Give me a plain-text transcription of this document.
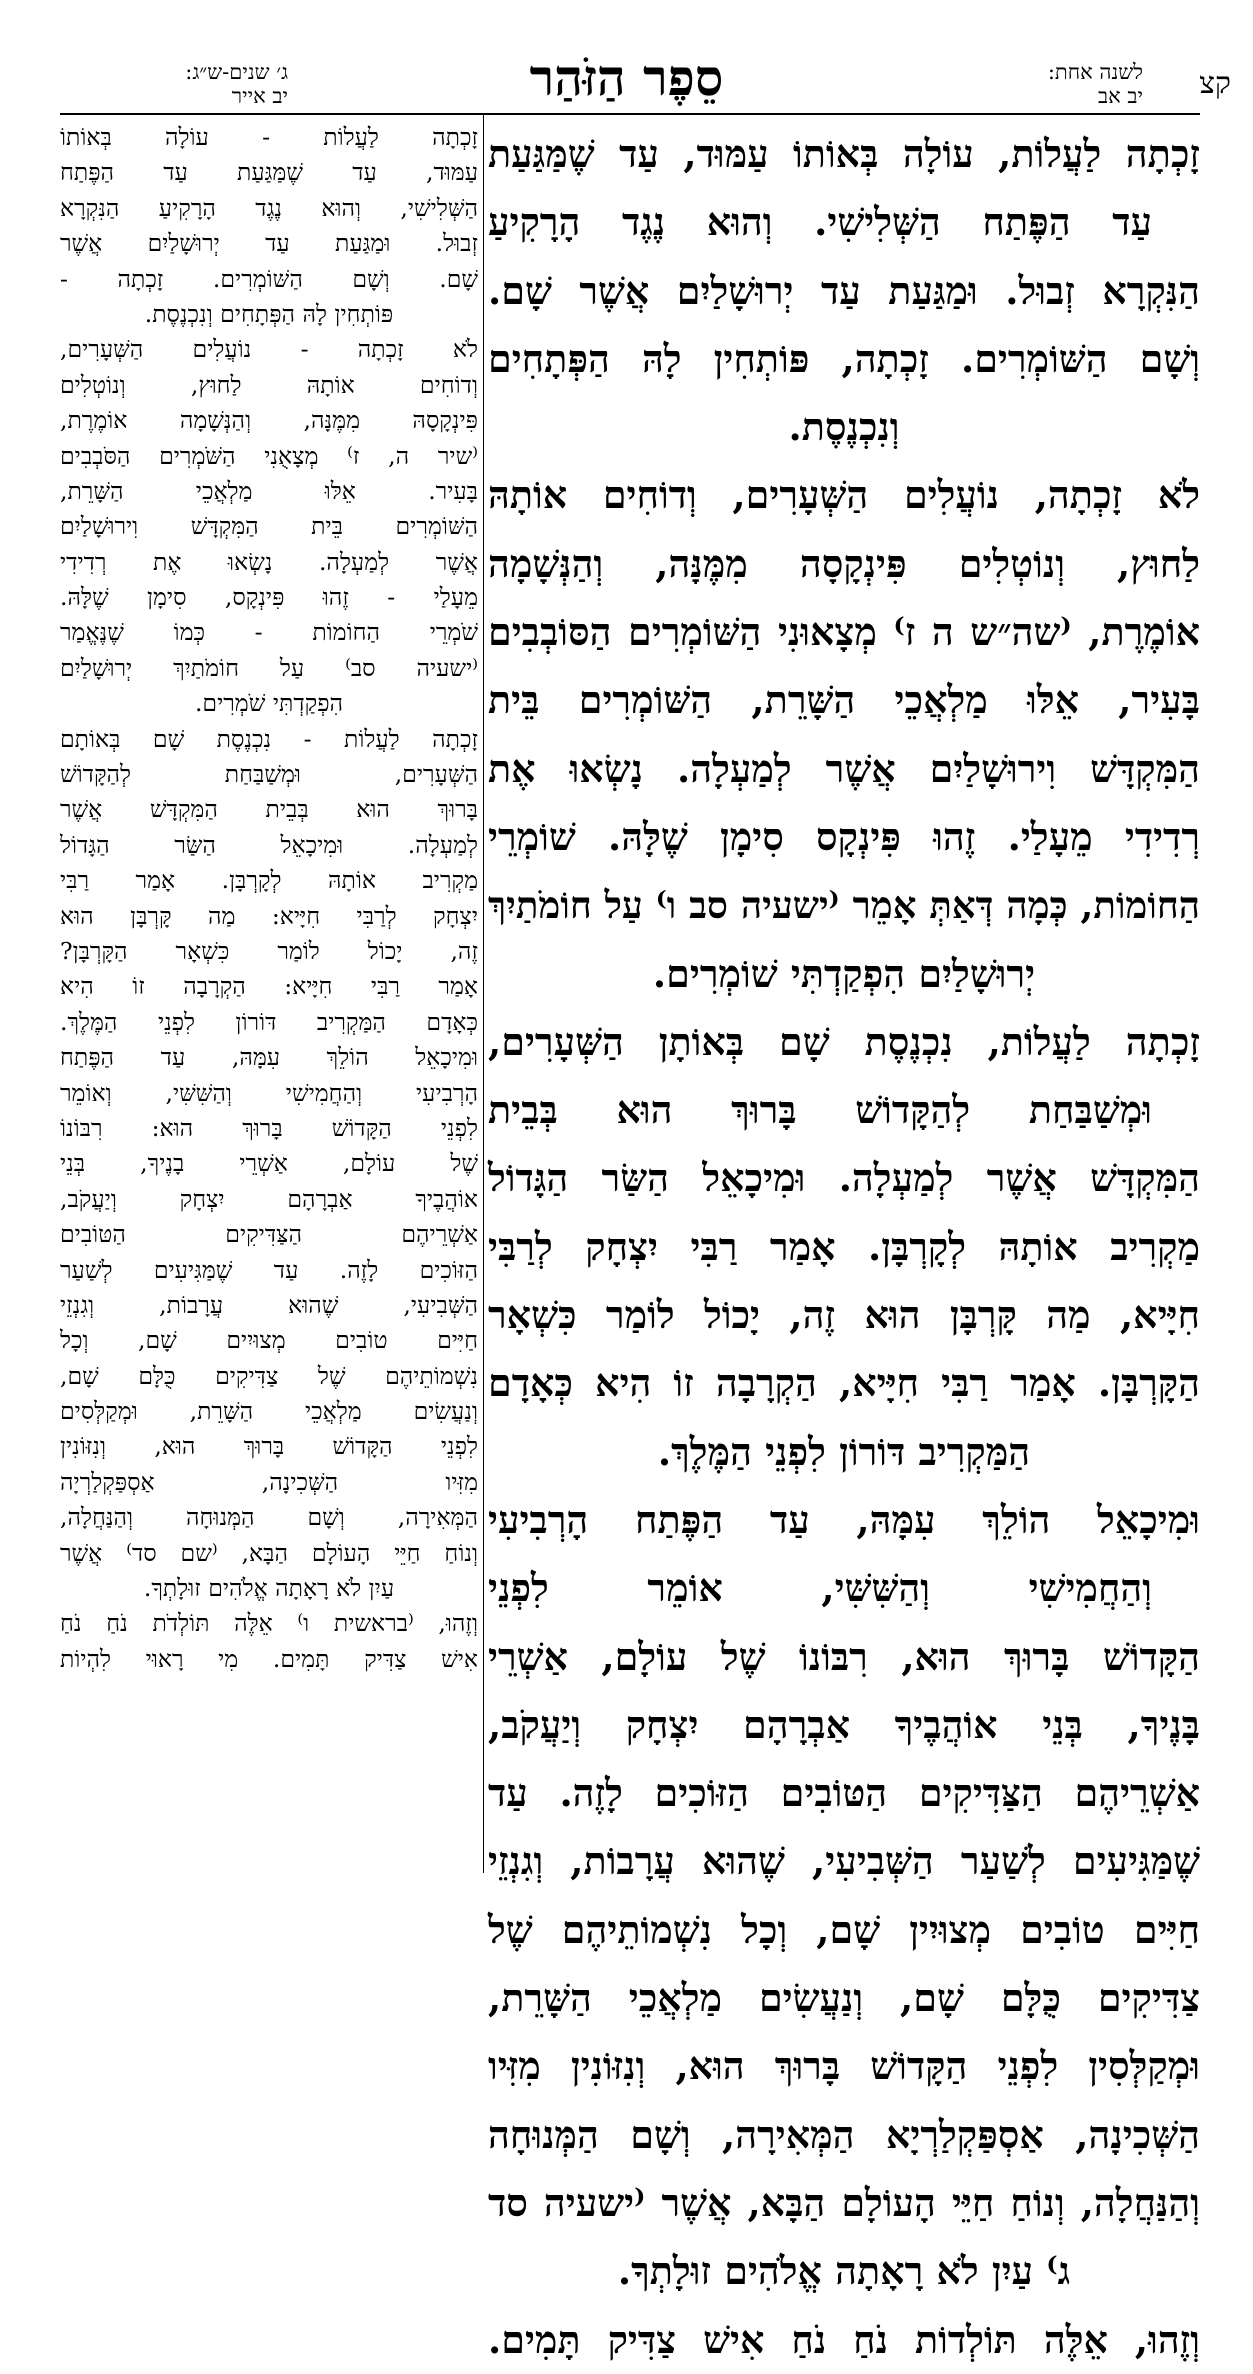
סֵפֶר הַזֹּהַר	קצ
לשנה אחת:
יב אב
ג׳ שנים-ש״ג:
יב אייר
זָכְתָה לַעֲלוֹת, עוֹלָה בְּאוֹתוֹ עַמּוּד, עַד שֶׁמַּגַּעַת
עַד הַפֶּתַח הַשְּׁלִישִׁי. וְהוּא נֶגֶד הָרָקִיעַ
הַנִּקְרָא זְבוּל. וּמַגַּעַת עַד יְרוּשָׁלַיִם אֲשֶׁר שָׁם.
וְשָׁם הַשּׁוֹמְרִים. זָכְתָה, פּוֹתְחִין לָהּ הַפְּתָחִים
וְנִכְנֶסֶת.
לֹא זָכְתָה, נוֹעֲלִים הַשְּׁעָרִים, וְדוֹחִים אוֹתָהּ
לַחוּץ, וְנוֹטְלִים פִּינְקָסָה מִמֶּנָּה, וְהַנְּשָׁמָה
אוֹמֶרֶת, ⁽שה״ש ה ז⁾ מְצָאוּנִי הַשּׁוֹמְרִים הַסּוֹבְבִים
בָּעִיר, אֵלּוּ מַלְאֲכֵי הַשָּׁרֵת, הַשּׁוֹמְרִים בֵּית
הַמִּקְדָּשׁ וִירוּשָׁלַיִם אֲשֶׁר לְמַעְלָה. נָשְׂאוּ אֶת
רְדִידִי מֵעָלַי. זֶהוּ פִּינְקָס סִימָן שֶׁלָּהּ. שׁוֹמְרֵי
הַחוֹמוֹת, כְּמָה דְּאַתְּ אָמֵר ⁽ישעיה סב ו⁾ עַל חוֹמֹתַיִךְ
יְרוּשָׁלַיִם הִפְקַדְתִּי שׁוֹמְרִים.
זָכְתָה לַעֲלוֹת, נִכְנֶסֶת שָׁם בְּאוֹתָן הַשְּׁעָרִים,
וּמְשַׁבַּחַת לְהַקָּדוֹשׁ בָּרוּךְ הוּא בְּבֵית
הַמִּקְדָּשׁ אֲשֶׁר לְמַעְלָה. וּמִיכָאֵל הַשַּׂר הַגָּדוֹל
מַקְרִיב אוֹתָהּ לְקָרְבָּן. אָמַר רַבִּי יִצְחָק לְרַבִּי
חִיָּיא, מַה קָּרְבָּן הוּא זֶה, יָכוֹל לוֹמַר כִּשְׁאָר
הַקָּרְבָּן. אָמַר רַבִּי חִיָּיא, הַקְרָבָה זוֹ הִיא כְּאָדָם
הַמַּקְרִיב דּוֹרוֹן לִפְנֵי הַמֶּלֶךְ.
וּמִיכָאֵל הוֹלֵךְ עִמָּהּ, עַד הַפֶּתַח הָרְבִיעִי
וְהַחֲמִישִׁי וְהַשִּׁשִּׁי, אוֹמֵר לִפְנֵי
הַקָּדוֹשׁ בָּרוּךְ הוּא, רִבּוֹנוֹ שֶׁל עוֹלָם, אַשְׁרֵי
בָּנֶיךָ, בְּנֵי אוֹהֲבֶיךָ אַבְרָהָם יִצְחָק וְיַעֲקֹב,
אַשְׁרֵיהֶם הַצַּדִּיקִים הַטּוֹבִים הַזּוֹכִים לָזֶה. עַד
שֶׁמַּגִּיעִים לְשַׁעַר הַשְּׁבִיעִי, שֶׁהוּא עֲרָבוֹת, וְגִנְזֵי
חַיִּים טוֹבִים מְצוּיִין שָׁם, וְכָל נִשְׁמוֹתֵיהֶם שֶׁל
צַדִּיקִים כֻּלָּם שָׁם, וְנַעֲשִׂים מַלְאֲכֵי הַשָּׁרֵת,
וּמְקַלְּסִין לִפְנֵי הַקָּדוֹשׁ בָּרוּךְ הוּא, וְנִזּוֹנִין מִזִּיו
הַשְּׁכִינָה, אַסְפַּקְלַרְיָא הַמְּאִירָה, וְשָׁם הַמְּנוּחָה
וְהַנַּחֲלָה, וְנוֹחַ חַיֵּי הָעוֹלָם הַבָּא, אֲשֶׁר ⁽ישעיה סד
ג⁾ עַיִן לֹא רָאָתָה אֱלֹהִים זוּלָתְךָ.
וְזֶהוּ, אֵלֶּה תּוֹלְדוֹת נֹחַ נֹחַ אִישׁ צַדִּיק תָּמִים.
זָכְתָה לַעֲלוֹת - עוֹלָה בְּאוֹתוֹ
עַמּוּד, עַד שֶׁמַּגַּעַת עַד הַפֶּתַח
הַשְּׁלִישִׁי, וְהוּא נֶגֶד הָרָקִיעַ הַנִּקְרָא
זְבוּל. וּמַגַּעַת עַד יְרוּשָׁלַיִם אֲשֶׁר
שָׁם. וְשָׁם הַשּׁוֹמְרִים. זָכְתָה -
פּוֹתְחִין לָהּ הַפְּתָחִים וְנִכְנֶסֶת.
לֹא זָכְתָה - נוֹעֲלִים הַשְּׁעָרִים,
וְדוֹחִים אוֹתָהּ לַחוּץ, וְנוֹטְלִים
פִּינְקָסָהּ מִמֶּנָּה, וְהַנְּשָׁמָה אוֹמֶרֶת,
⁽שיר ה, ז⁾ מְצָאֻנִי הַשֹּׁמְרִים הַסֹּבְבִים
בָּעִיר. אֵלּוּ מַלְאֲכֵי הַשָּׁרֵת,
הַשּׁוֹמְרִים בֵּית הַמִּקְדָּשׁ וִירוּשָׁלַיִם
אֲשֶׁר לְמַעְלָה. נָשְׂאוּ אֶת רְדִידִי
מֵעָלַי - זֶהוּ פִּינְקָס, סִימָן שֶׁלָּהּ.
שֹׁמְרֵי הַחוֹמוֹת - כְּמוֹ שֶׁנֶּאֱמַר
⁽ישעיה סב⁾ עַל חוֹמֹתַיִךְ יְרוּשָׁלַיִם
הִפְקַדְתִּי שֹׁמְרִים.
זָכְתָה לַעֲלוֹת - נִכְנֶסֶת שָׁם בְּאוֹתָם
הַשְּׁעָרִים, וּמְשַׁבַּחַת לְהַקָּדוֹשׁ
בָּרוּךְ הוּא בְּבֵית הַמִּקְדָּשׁ אֲשֶׁר
לְמַעְלָה. וּמִיכָאֵל הַשַּׂר הַגָּדוֹל
מַקְרִיב אוֹתָהּ לְקָרְבָּן. אָמַר רַבִּי
יִצְחָק לְרַבִּי חִיָּיא: מַה קָּרְבָּן הוּא
זֶה, יָכוֹל לוֹמַר כִּשְׁאָר הַקָּרְבָּן?
אָמַר רַבִּי חִיָּיא: הַקְרָבָה זוֹ הִיא
כְּאָדָם הַמַּקְרִיב דּוֹרוֹן לִפְנֵי הַמֶּלֶךְ.
וּמִיכָאֵל הוֹלֵךְ עִמָּהּ, עַד הַפֶּתַח
הָרְבִיעִי וְהַחֲמִישִׁי וְהַשִּׁשִּׁי, וְאוֹמֵר
לִפְנֵי הַקָּדוֹשׁ בָּרוּךְ הוּא: רִבּוֹנוֹ
שֶׁל עוֹלָם, אַשְׁרֵי בָנֶיךָ, בְּנֵי
אוֹהֲבֶיךָ אַבְרָהָם יִצְחָק וְיַעֲקֹב,
אַשְׁרֵיהֶם הַצַּדִּיקִים הַטּוֹבִים
הַזּוֹכִים לָזֶה. עַד שֶׁמַּגִּיעִים לְשַׁעַר
הַשְּׁבִיעִי, שֶׁהוּא עֲרָבוֹת, וְגִנְזֵי
חַיִּים טוֹבִים מְצוּיִים שָׁם, וְכָל
נִשְׁמוֹתֵיהֶם שֶׁל צַדִּיקִים כֻּלָּם שָׁם,
וְנַעֲשִׂים מַלְאֲכֵי הַשָּׁרֵת, וּמְקַלְּסִים
לִפְנֵי הַקָּדוֹשׁ בָּרוּךְ הוּא, וְנִזּוֹנִין
מִזִּיו הַשְּׁכִינָה, אַסְפַּקְלַרְיָה
הַמְּאִירָה, וְשָׁם הַמְּנוּחָה וְהַנַּחֲלָה,
וְנוֹחַ חַיֵּי הָעוֹלָם הַבָּא, ⁽שם סד⁾ אֲשֶׁר
עַיִן לֹא רָאָתָה אֱלֹהִים זוּלָתְךָ.
וְזֶהוּ, ⁽בראשית ו⁾ אֵלֶּה תּוֹלְדֹת נֹחַ נֹחַ
אִישׁ צַדִּיק תָּמִים. מִי רָאוּי לִהְיוֹת
